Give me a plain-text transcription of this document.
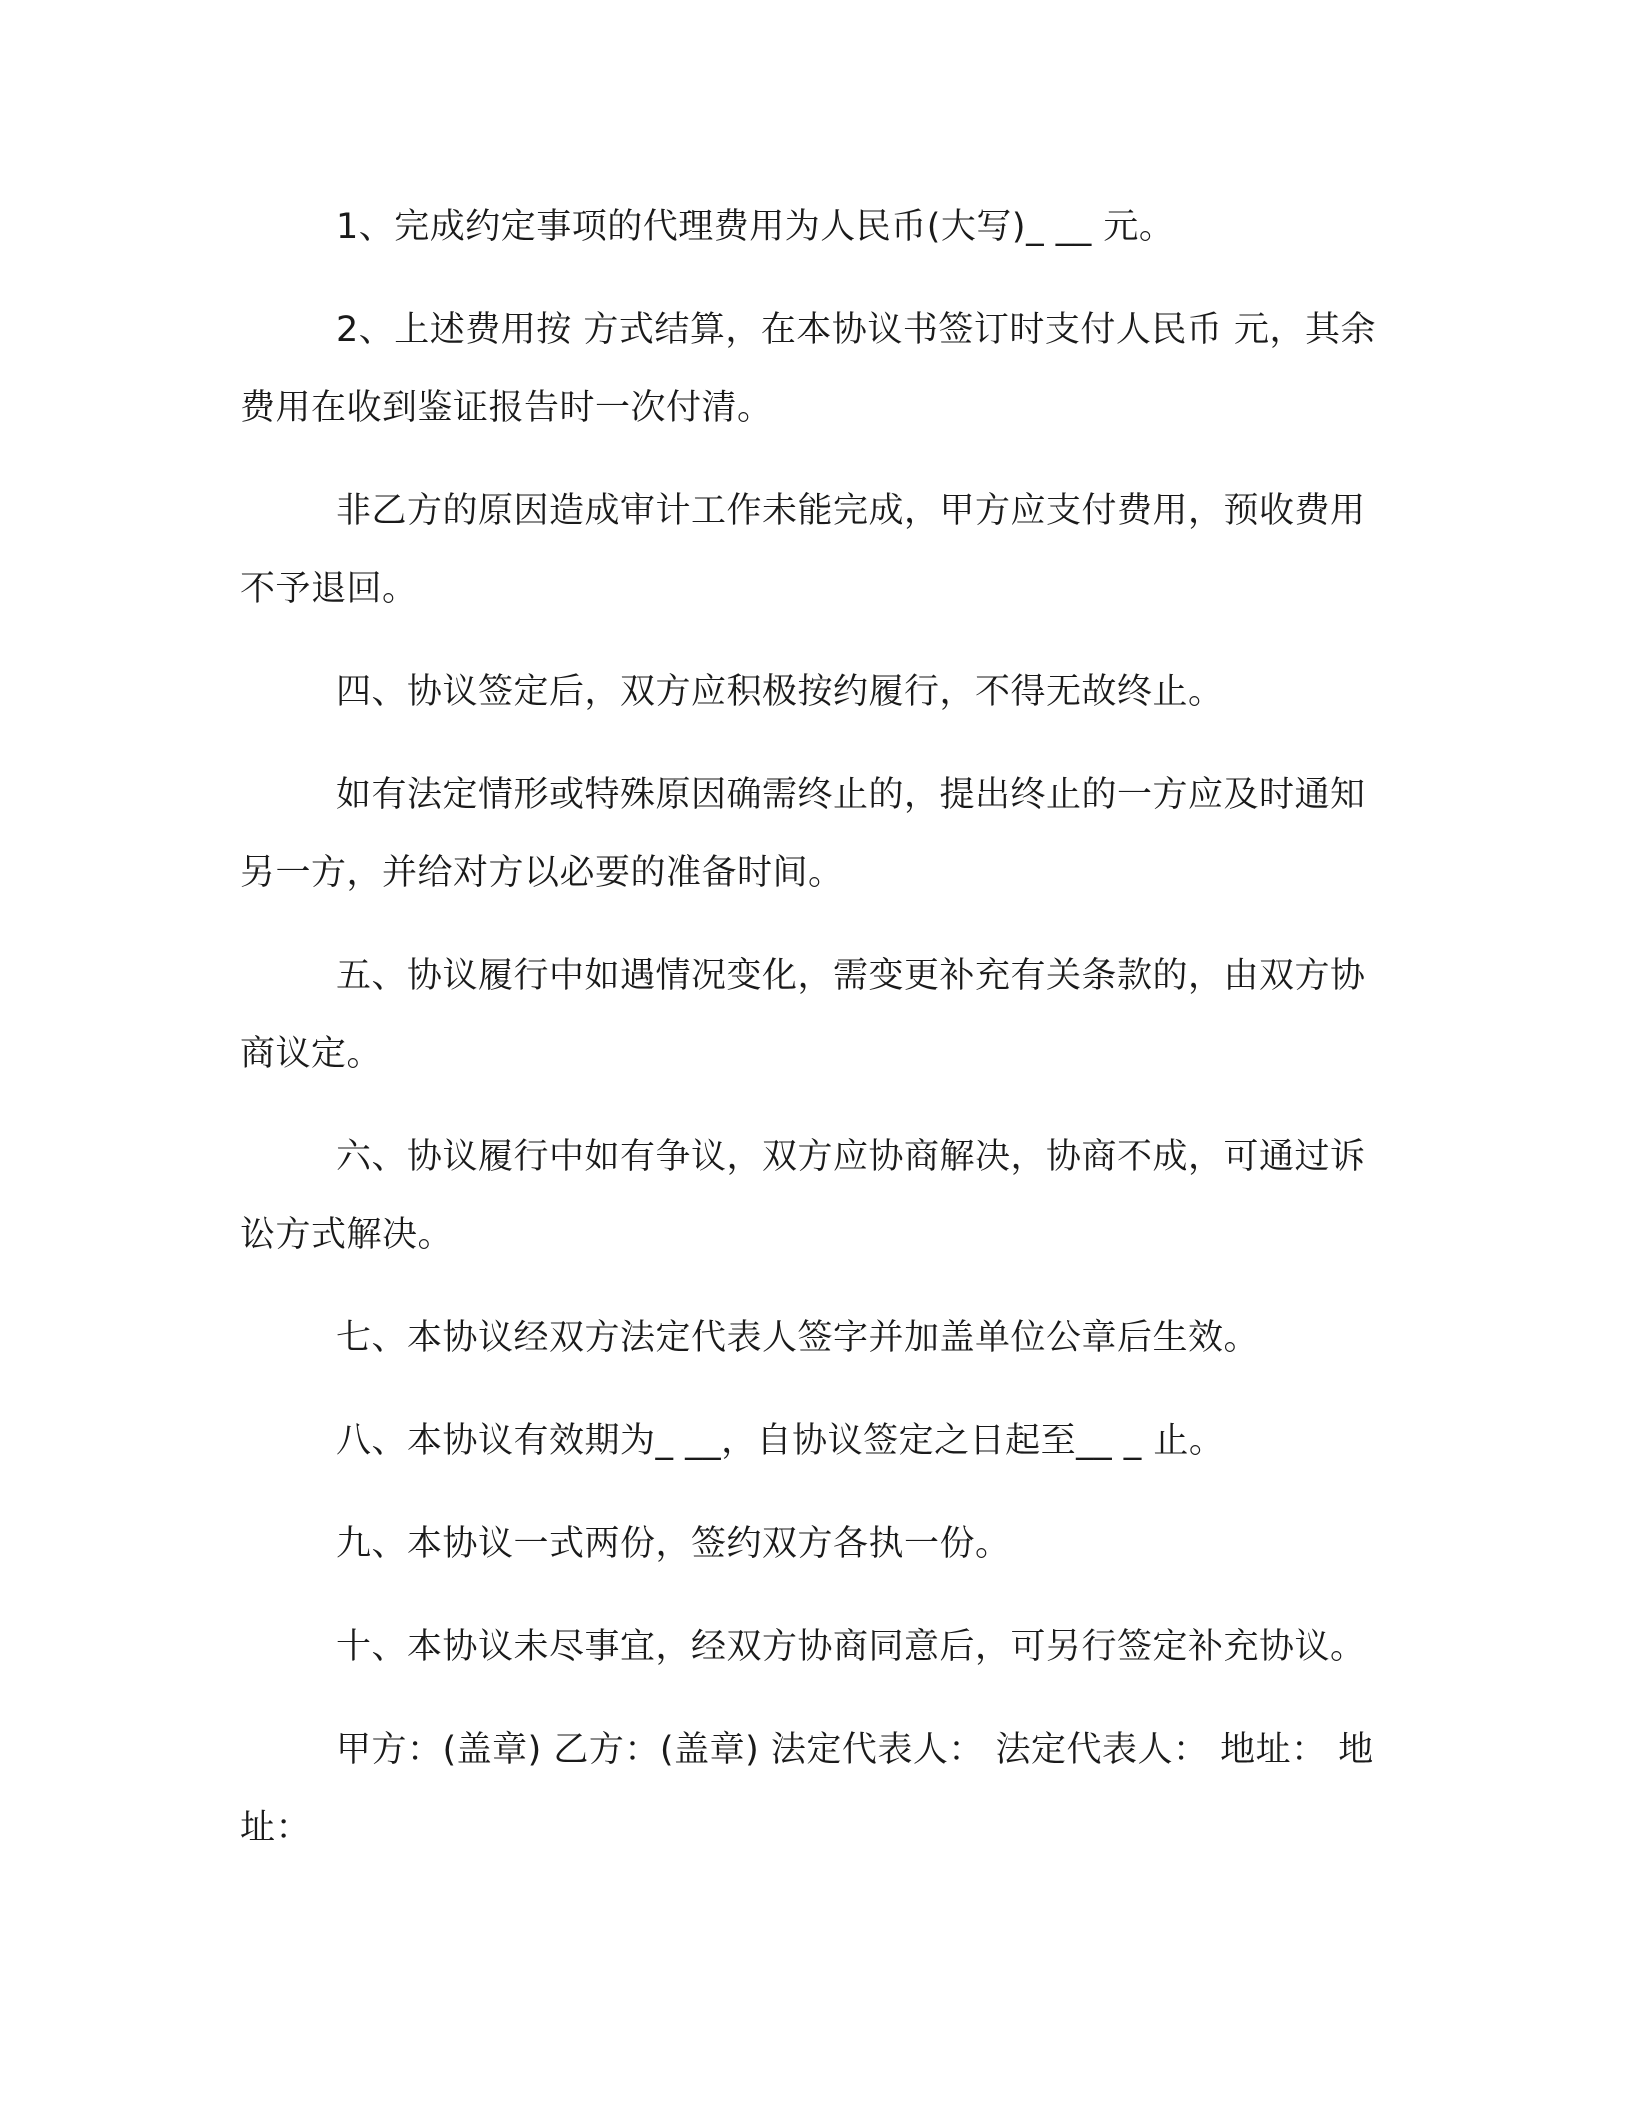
1、完成约定事项的代理费用为人民币(大写)_ __ 元。

2、上述费用按 方式结算，在本协议书签订时支付人民币 元，其余费用在收到鉴证报告时一次付清。

非乙方的原因造成审计工作未能完成，甲方应支付费用，预收费用不予退回。

四、协议签定后，双方应积极按约履行，不得无故终止。

如有法定情形或特殊原因确需终止的，提出终止的一方应及时通知另一方，并给对方以必要的准备时间。

五、协议履行中如遇情况变化，需变更补充有关条款的，由双方协商议定。

六、协议履行中如有争议，双方应协商解决，协商不成，可通过诉讼方式解决。

七、本协议经双方法定代表人签字并加盖单位公章后生效。

八、本协议有效期为_ __，自协议签定之日起至__ _ 止。

九、本协议一式两份，签约双方各执一份。

十、本协议未尽事宜，经双方协商同意后，可另行签定补充协议。

甲方：(盖章) 乙方：(盖章) 法定代表人： 法定代表人： 地址： 地址：
